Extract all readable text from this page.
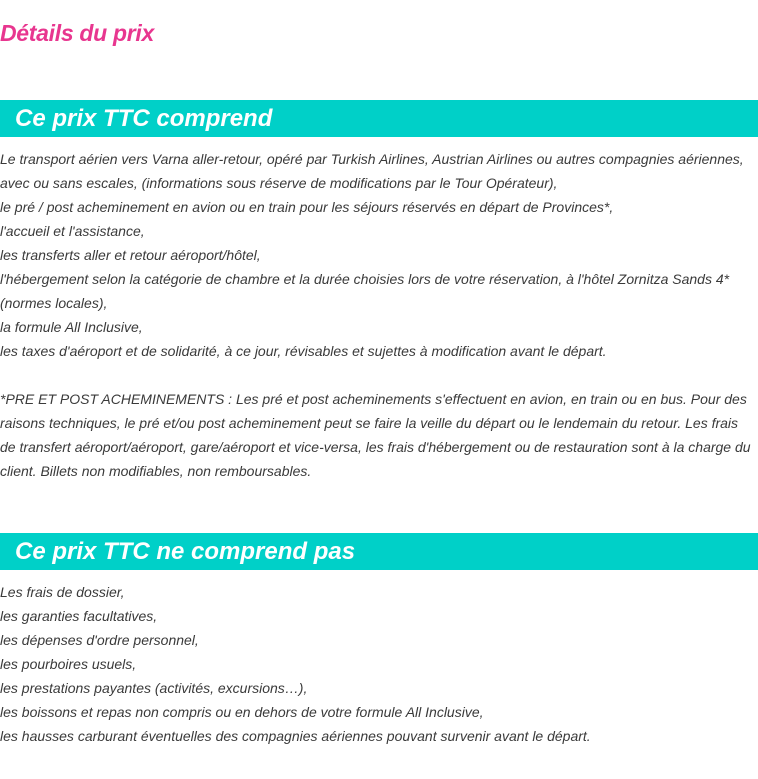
Détails du prix
Ce prix TTC comprend

Le transport aérien vers Varna aller-retour, opéré par Turkish Airlines, Austrian Airlines ou autres compagnies aériennes, avec ou sans escales, (informations sous réserve de modifications par le Tour Opérateur),

le pré / post acheminement en avion ou en train pour les séjours réservés en départ de Provinces*,

l'accueil et l'assistance,

les transferts aller et retour aéroport/hôtel,

l'hébergement selon la catégorie de chambre et la durée choisies lors de votre réservation, à l'hôtel Zornitza Sands 4* (normes locales),

la formule All Inclusive,

les taxes d'aéroport et de solidarité, à ce jour, révisables et sujettes à modification avant le départ.

*PRE ET POST ACHEMINEMENTS : Les pré et post acheminements s'effectuent en avion, en train ou en bus. Pour des raisons techniques, le pré et/ou post acheminement peut se faire la veille du départ ou le lendemain du retour. Les frais de transfert aéroport/aéroport, gare/aéroport et vice-versa, les frais d'hébergement ou de restauration sont à la charge du client. Billets non modifiables, non remboursables.

Ce prix TTC ne comprend pas

Les frais de dossier,

les garanties facultatives,

les dépenses d'ordre personnel,

les pourboires usuels,

les prestations payantes (activités, excursions…),

les boissons et repas non compris ou en dehors de votre formule All Inclusive,

les hausses carburant éventuelles des compagnies aériennes pouvant survenir avant le départ.
